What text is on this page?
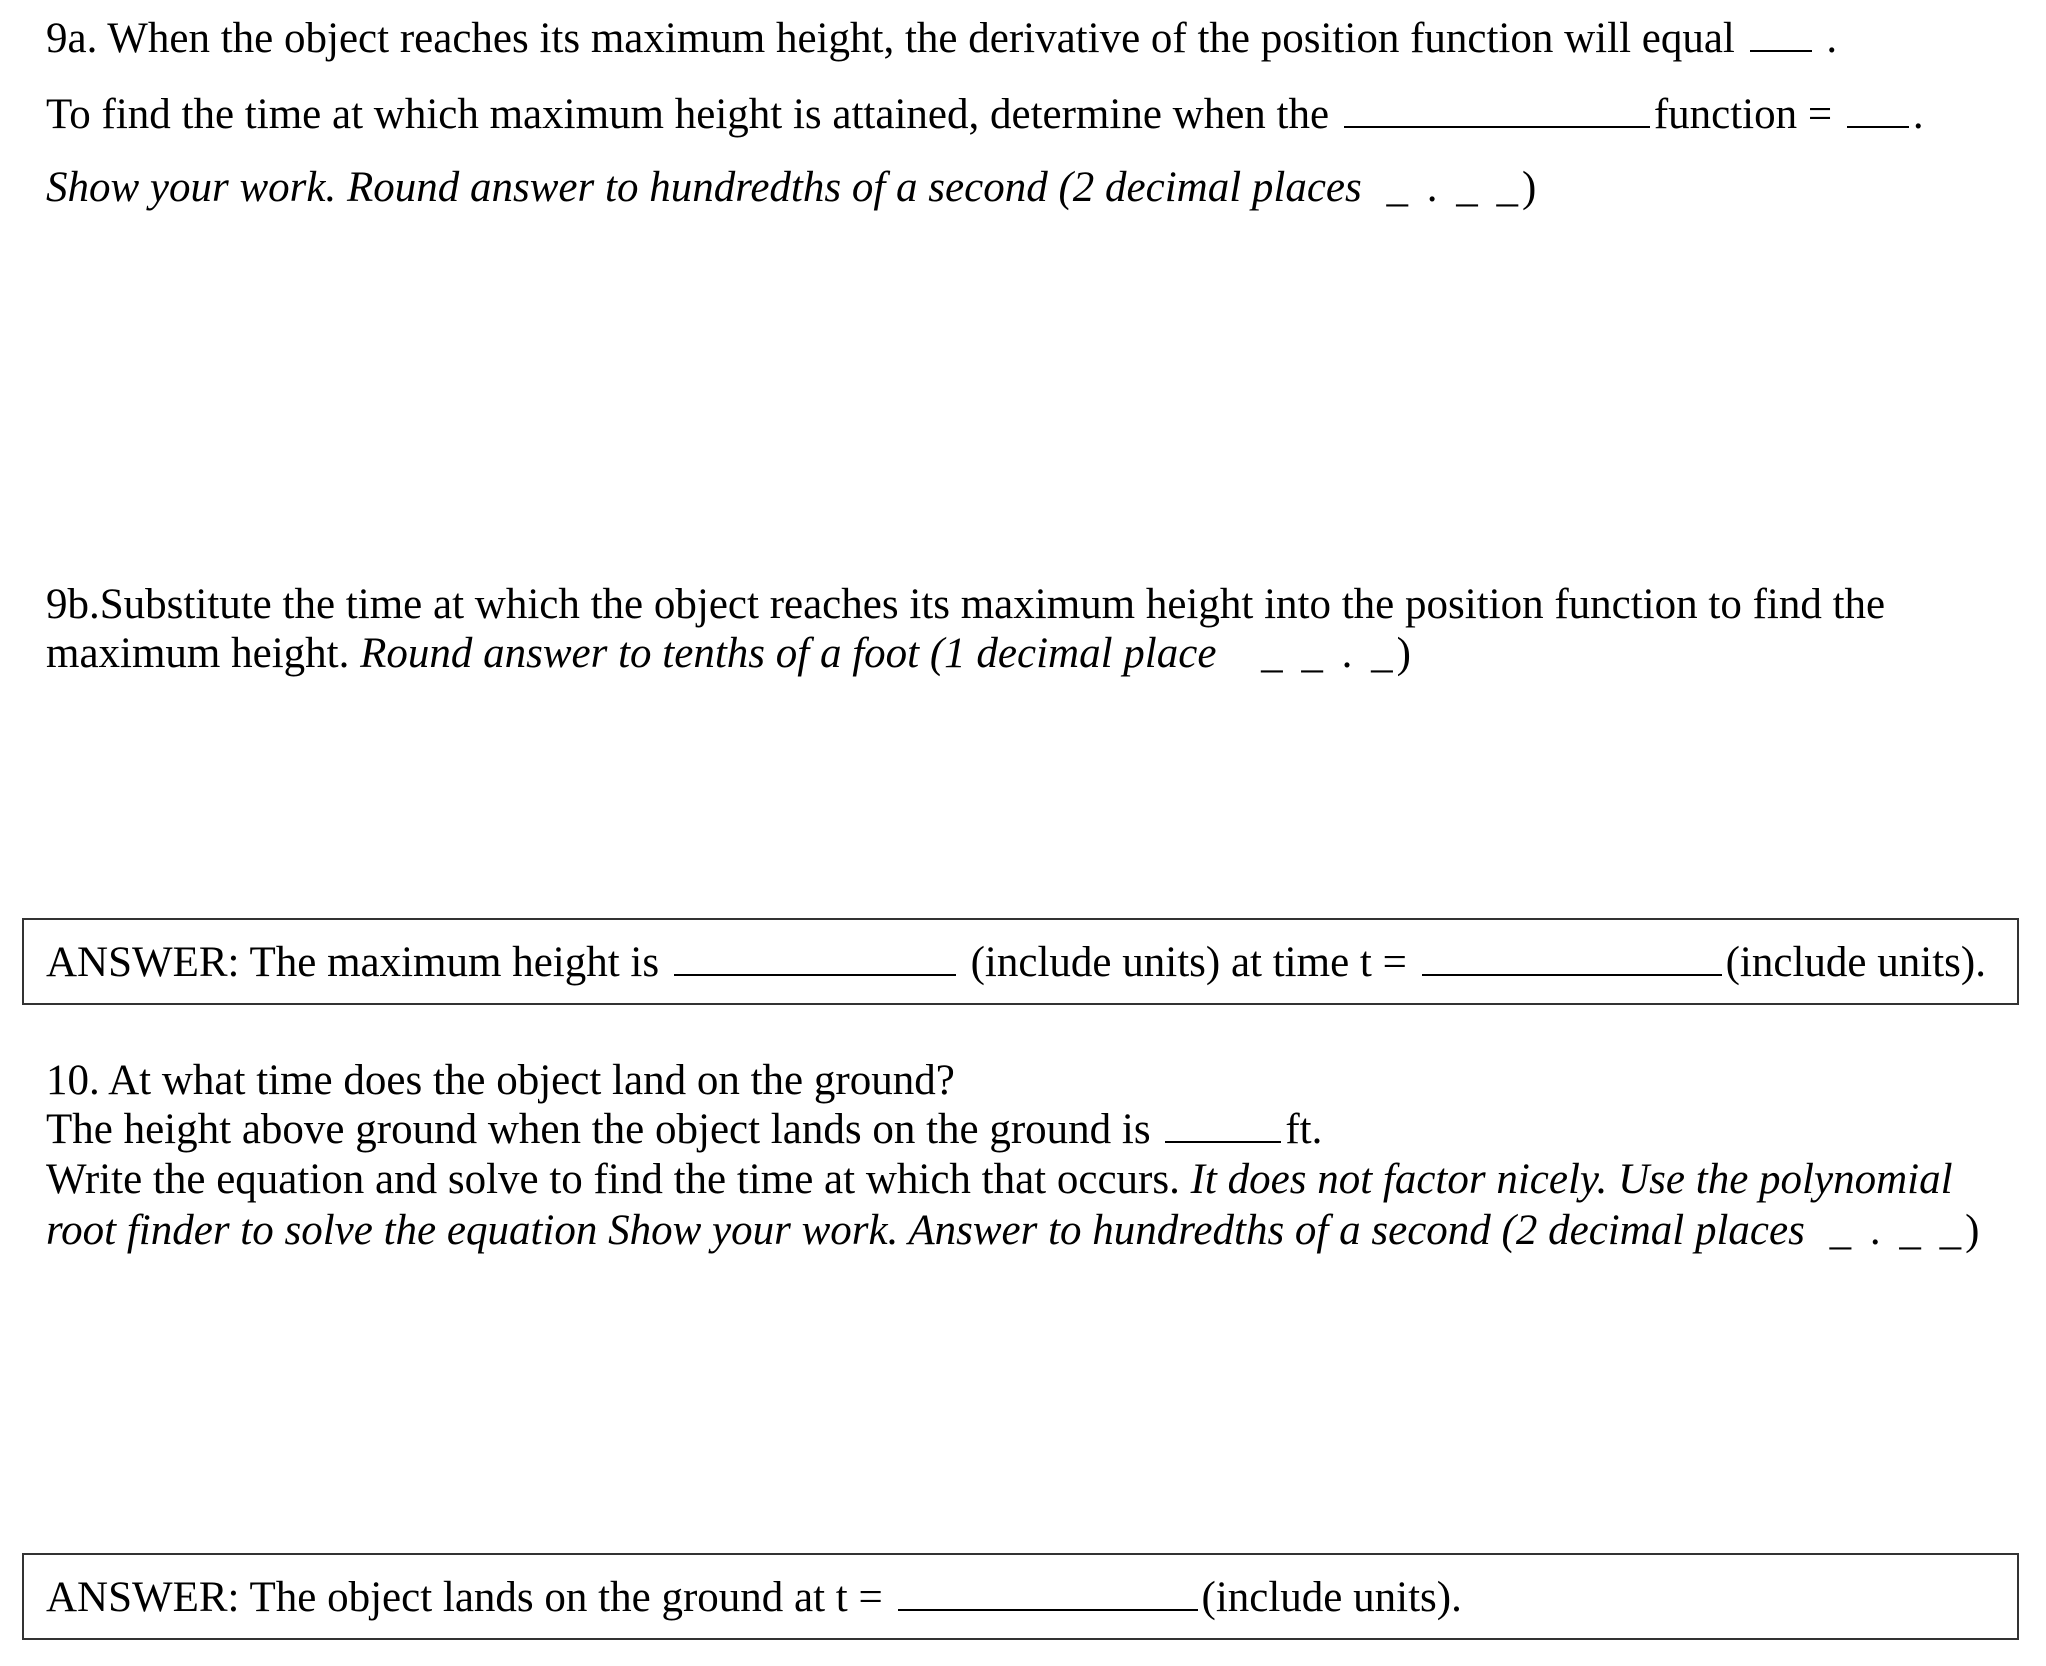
9a. When the object reaches its maximum height, the derivative of the position function will equal .
To find the time at which maximum height is attained, determine when the	function = .
Show your work. Round answer to hundredths of a second (2 decimal places _ . _ _)
9b.Substitute the time at which the object reaches its maximum height into the position function to find the
maximum height. Round answer to tenths of a foot (1 decimal place _ _ . _)
ANSWER: The maximum height is	(include units) at time t =	(include units).
10. At what time does the object land on the ground?
The height above ground when the object lands on the ground is	ft.
Write the equation and solve to find the time at which that occurs. It does not factor nicely. Use the polynomial
root finder to solve the equation Show your work. Answer to hundredths of a second (2 decimal places _ . _ _)
ANSWER: The object lands on the ground at t =	(include units).
